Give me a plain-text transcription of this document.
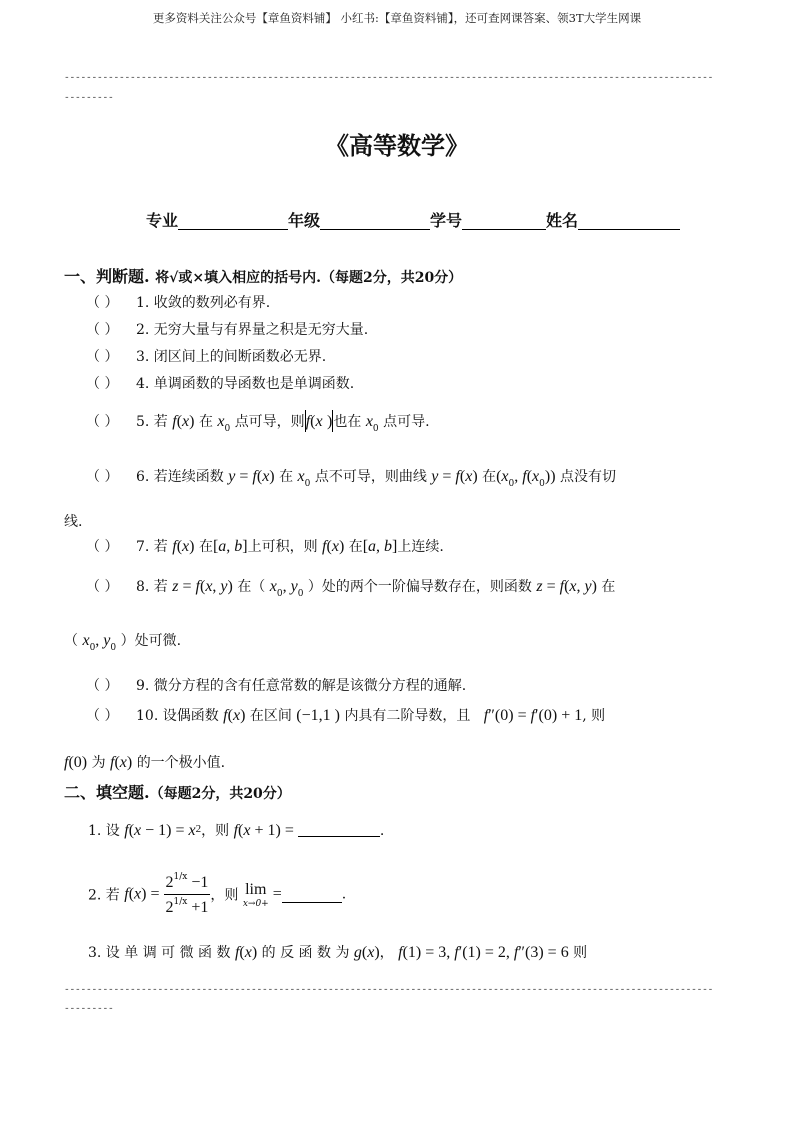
更多资料关注公众号【章鱼资料铺】 小红书:【章鱼资料铺】，还可查网课答案、领3T大学生网课
----------------------------------------------------------------------------------------------------------------------
---------
《高等数学》
专业	年级	学号	姓名
一、判断题. 将√或×填入相应的括号内.（每题2分，共20分）
（ ） 1. 收敛的数列必有界.
（ ） 2. 无穷大量与有界量之积是无穷大量.
（ ） 3. 闭区间上的间断函数必无界.
（ ） 4. 单调函数的导函数也是单调函数.
（ ） 5. 若 f(x) 在 $x_0$ 点可导，则f(x )也在 $x_0$ 点可导.
（ ） 6. 若连续函数 y = f(x) 在 $x_0$ 点不可导，则曲线 y = f(x) 在($x_0$, $f(x_0)$) 点没有切
线.
（ ） 7. 若 f(x) 在[a, b]上可积，则 f(x) 在[a, b]上连续.
（ ） 8. 若 z = f(x, y) 在（ $x_0$, $y_0$ ）处的两个一阶偏导数存在，则函数 z = f(x, y) 在
（ $x_0$, $y_0$ ）处可微.
（ ） 9. 微分方程的含有任意常数的解是该微分方程的通解.
（ ） 10. 设偶函数 f(x) 在区间 (−1,1 ) 内具有二阶导数，且 f″(0) = f′(0) + 1, 则
f(0) 为 f(x) 的一个极小值.
二、填空题.（每题2分，共20分）
1. 设 $f(x - 1) = x^2$，则 f(x + 1) =	.
2. 若 $f(x) = \frac{2^{1/x} -1}{2^{1/x} +1}$ ，则 lim
x→0+
=	.
3. 设 单 调 可 微 函 数 f(x) 的 反 函 数 为 g(x)， f(1) = 3, f′(1) = 2, f″(3) = 6 则
----------------------------------------------------------------------------------------------------------------------
---------
